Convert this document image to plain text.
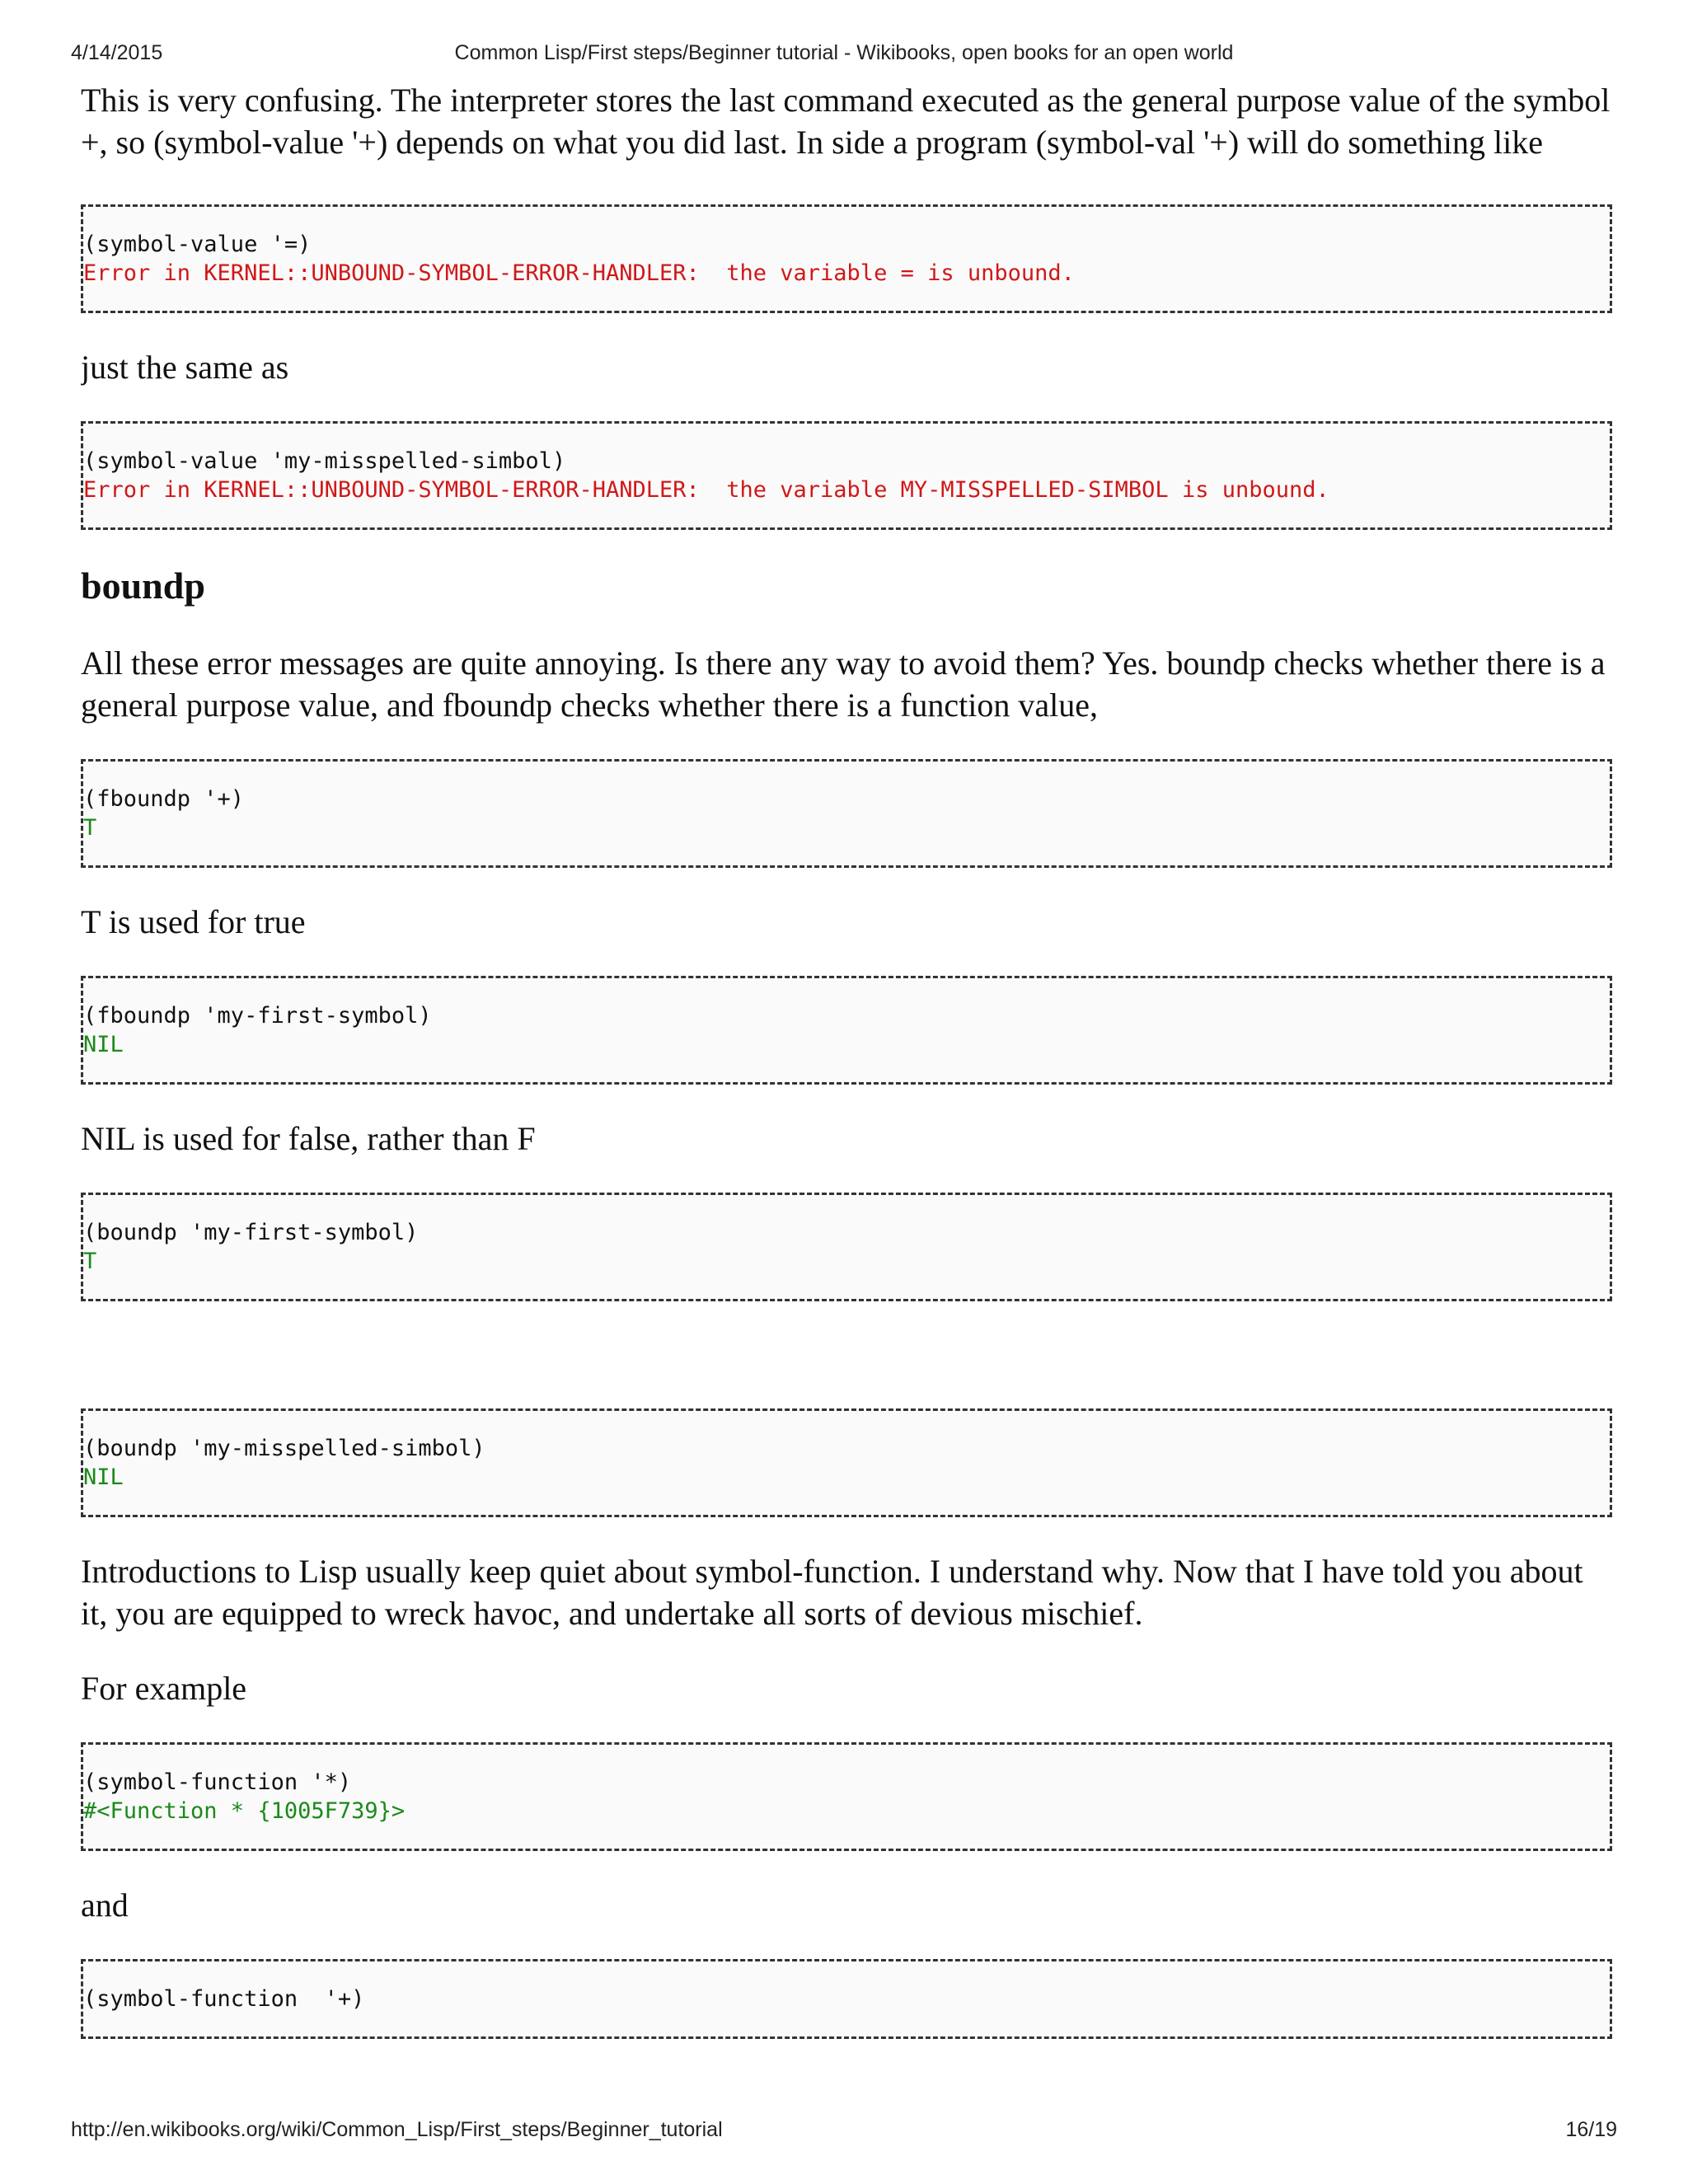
4/14/2015	Common Lisp/First steps/Beginner tutorial - Wikibooks, open books for an open world

This is very confusing. The interpreter stores the last command executed as the general purpose value of the symbol +, so (symbol-value '+) depends on what you did last. In side a program (symbol-val '+) will do something like

(symbol-value '=)
Error in KERNEL::UNBOUND-SYMBOL-ERROR-HANDLER:  the variable = is unbound.

just the same as

(symbol-value 'my-misspelled-simbol)
Error in KERNEL::UNBOUND-SYMBOL-ERROR-HANDLER:  the variable MY-MISSPELLED-SIMBOL is unbound.
boundp

All these error messages are quite annoying. Is there any way to avoid them? Yes. boundp checks whether there is a general purpose value, and fboundp checks whether there is a function value,

(fboundp '+)
T

T is used for true

(fboundp 'my-first-symbol)
NIL

NIL is used for false, rather than F

(boundp 'my-first-symbol)
T
(boundp 'my-misspelled-simbol)
NIL

Introductions to Lisp usually keep quiet about symbol-function. I understand why. Now that I have told you about it, you are equipped to wreck havoc, and undertake all sorts of devious mischief.

For example

(symbol-function '*)
#<Function * {1005F739}>

and

(symbol-function  '+)
http://en.wikibooks.org/wiki/Common_Lisp/First_steps/Beginner_tutorial	16/19
